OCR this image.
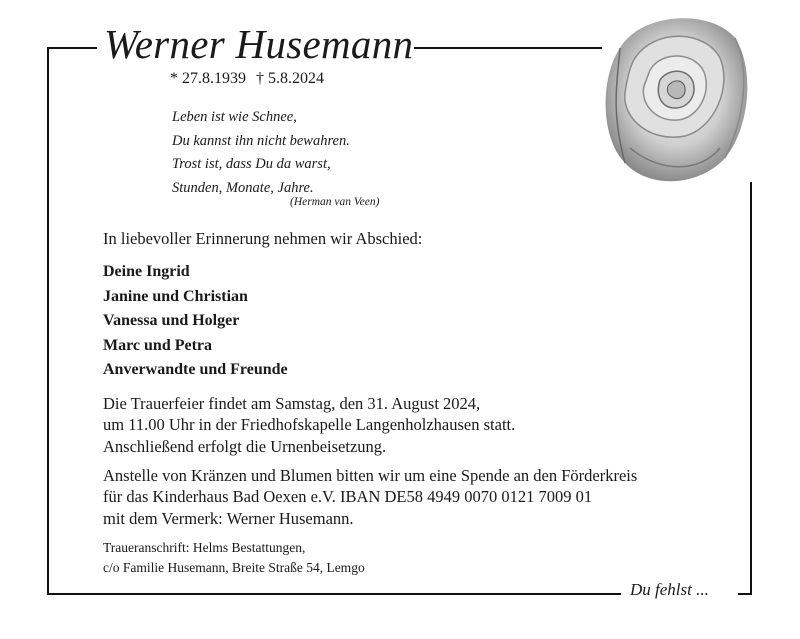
Werner Husemann
* 27.8.1939 † 5.8.2024
Leben ist wie Schnee,
Du kannst ihn nicht bewahren.
Trost ist, dass Du da warst,
Stunden, Monate, Jahre.
(Herman van Veen)
In liebevoller Erinnerung nehmen wir Abschied:
Deine Ingrid
Janine und Christian
Vanessa und Holger
Marc und Petra
Anverwandte und Freunde
Die Trauerfeier findet am Samstag, den 31. August 2024,
um 11.00 Uhr in der Friedhofskapelle Langenholzhausen statt.
Anschließend erfolgt die Urnenbeisetzung.
Anstelle von Kränzen und Blumen bitten wir um eine Spende an den Förderkreis
für das Kinderhaus Bad Oexen e.V. IBAN DE58 4949 0070 0121 7009 01
mit dem Vermerk: Werner Husemann.
Traueranschrift: Helms Bestattungen,
c/o Familie Husemann, Breite Straße 54, Lemgo
Du fehlst ...
